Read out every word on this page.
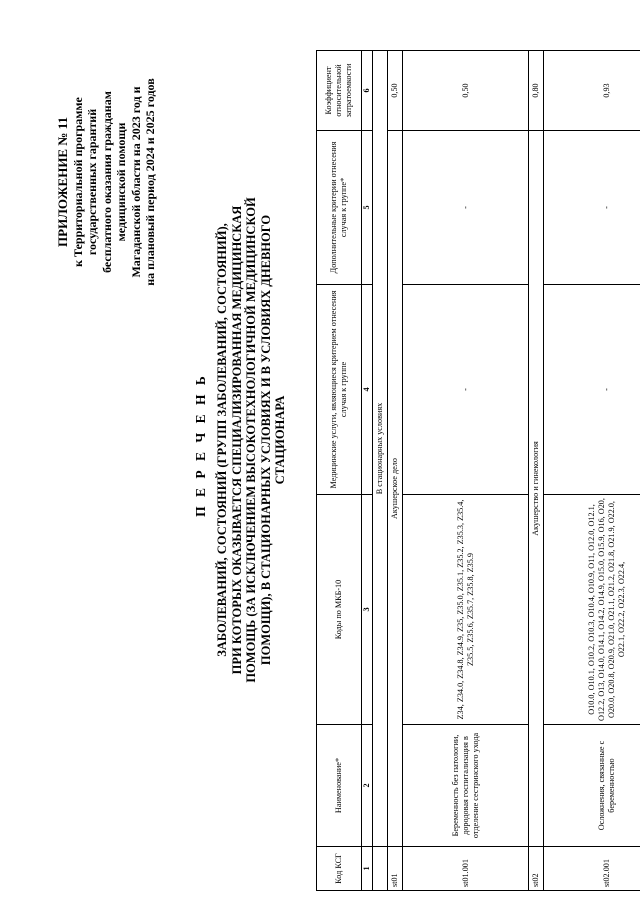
ПРИЛОЖЕНИЕ № 11 к Территориальной программе государственных гарантий бесплатного оказания гражданам медицинской помощи Магаданской области на 2023 год и на плановый период 2024 и 2025 годов
П Е Р Е Ч Е Н Ь ЗАБОЛЕВАНИЙ, СОСТОЯНИЙ (ГРУПП ЗАБОЛЕВАНИЙ, СОСТОЯНИЙ), ПРИ КОТОРЫХ ОКАЗЫВАЕТСЯ СПЕЦИАЛИЗИРОВАННАЯ МЕДИЦИНСКАЯ ПОМОЩЬ (ЗА ИСКЛЮЧЕНИЕМ ВЫСОКОТЕХНОЛОГИЧНОЙ МЕДИЦИНСКОЙ ПОМОЩИ), В СТАЦИОНАРНЫХ УСЛОВИЯХ И В УСЛОВИЯХ ДНЕВНОГО СТАЦИОНАРА
Код КСГ	Наименование*	Коды по МКБ-10	Медицинские услуги, являющиеся критерием отнесения случая к группе	Дополнительные критерии отнесения случая к группе*	Коэффициент относительной затратоемкости
1	2	3	4	5	6
	В стационарных условиях				
st01	Акушерское дело				0,50
st01.001	Беременность без патологии, дородовая госпитализация в отделение сестринского ухода	Z34, Z34.0, Z34.8, Z34.9, Z35, Z35.0, Z35.1, Z35.2, Z35.3, Z35.4, Z35.5, Z35.6, Z35.7, Z35.8, Z35.9	-	-	0,50
st02	Акушерство и гинекология				0,80
st02.001	Осложнения, связанные с беременностью	O10.0, O10.1, O10.2, O10.3, O10.4, O10.9, O11, O12.0, O12.1, O12.2, O13, O14.0, O14.1, O14.2, O14.9, O15.0, O15.9, O16, O20, O20.0, O20.8, O20.9, O21.0, O21.1, O21.2, O21.8, O21.9, O22.0, O22.1, O22.2, O22.3, O22.4,	-	-	0,93
